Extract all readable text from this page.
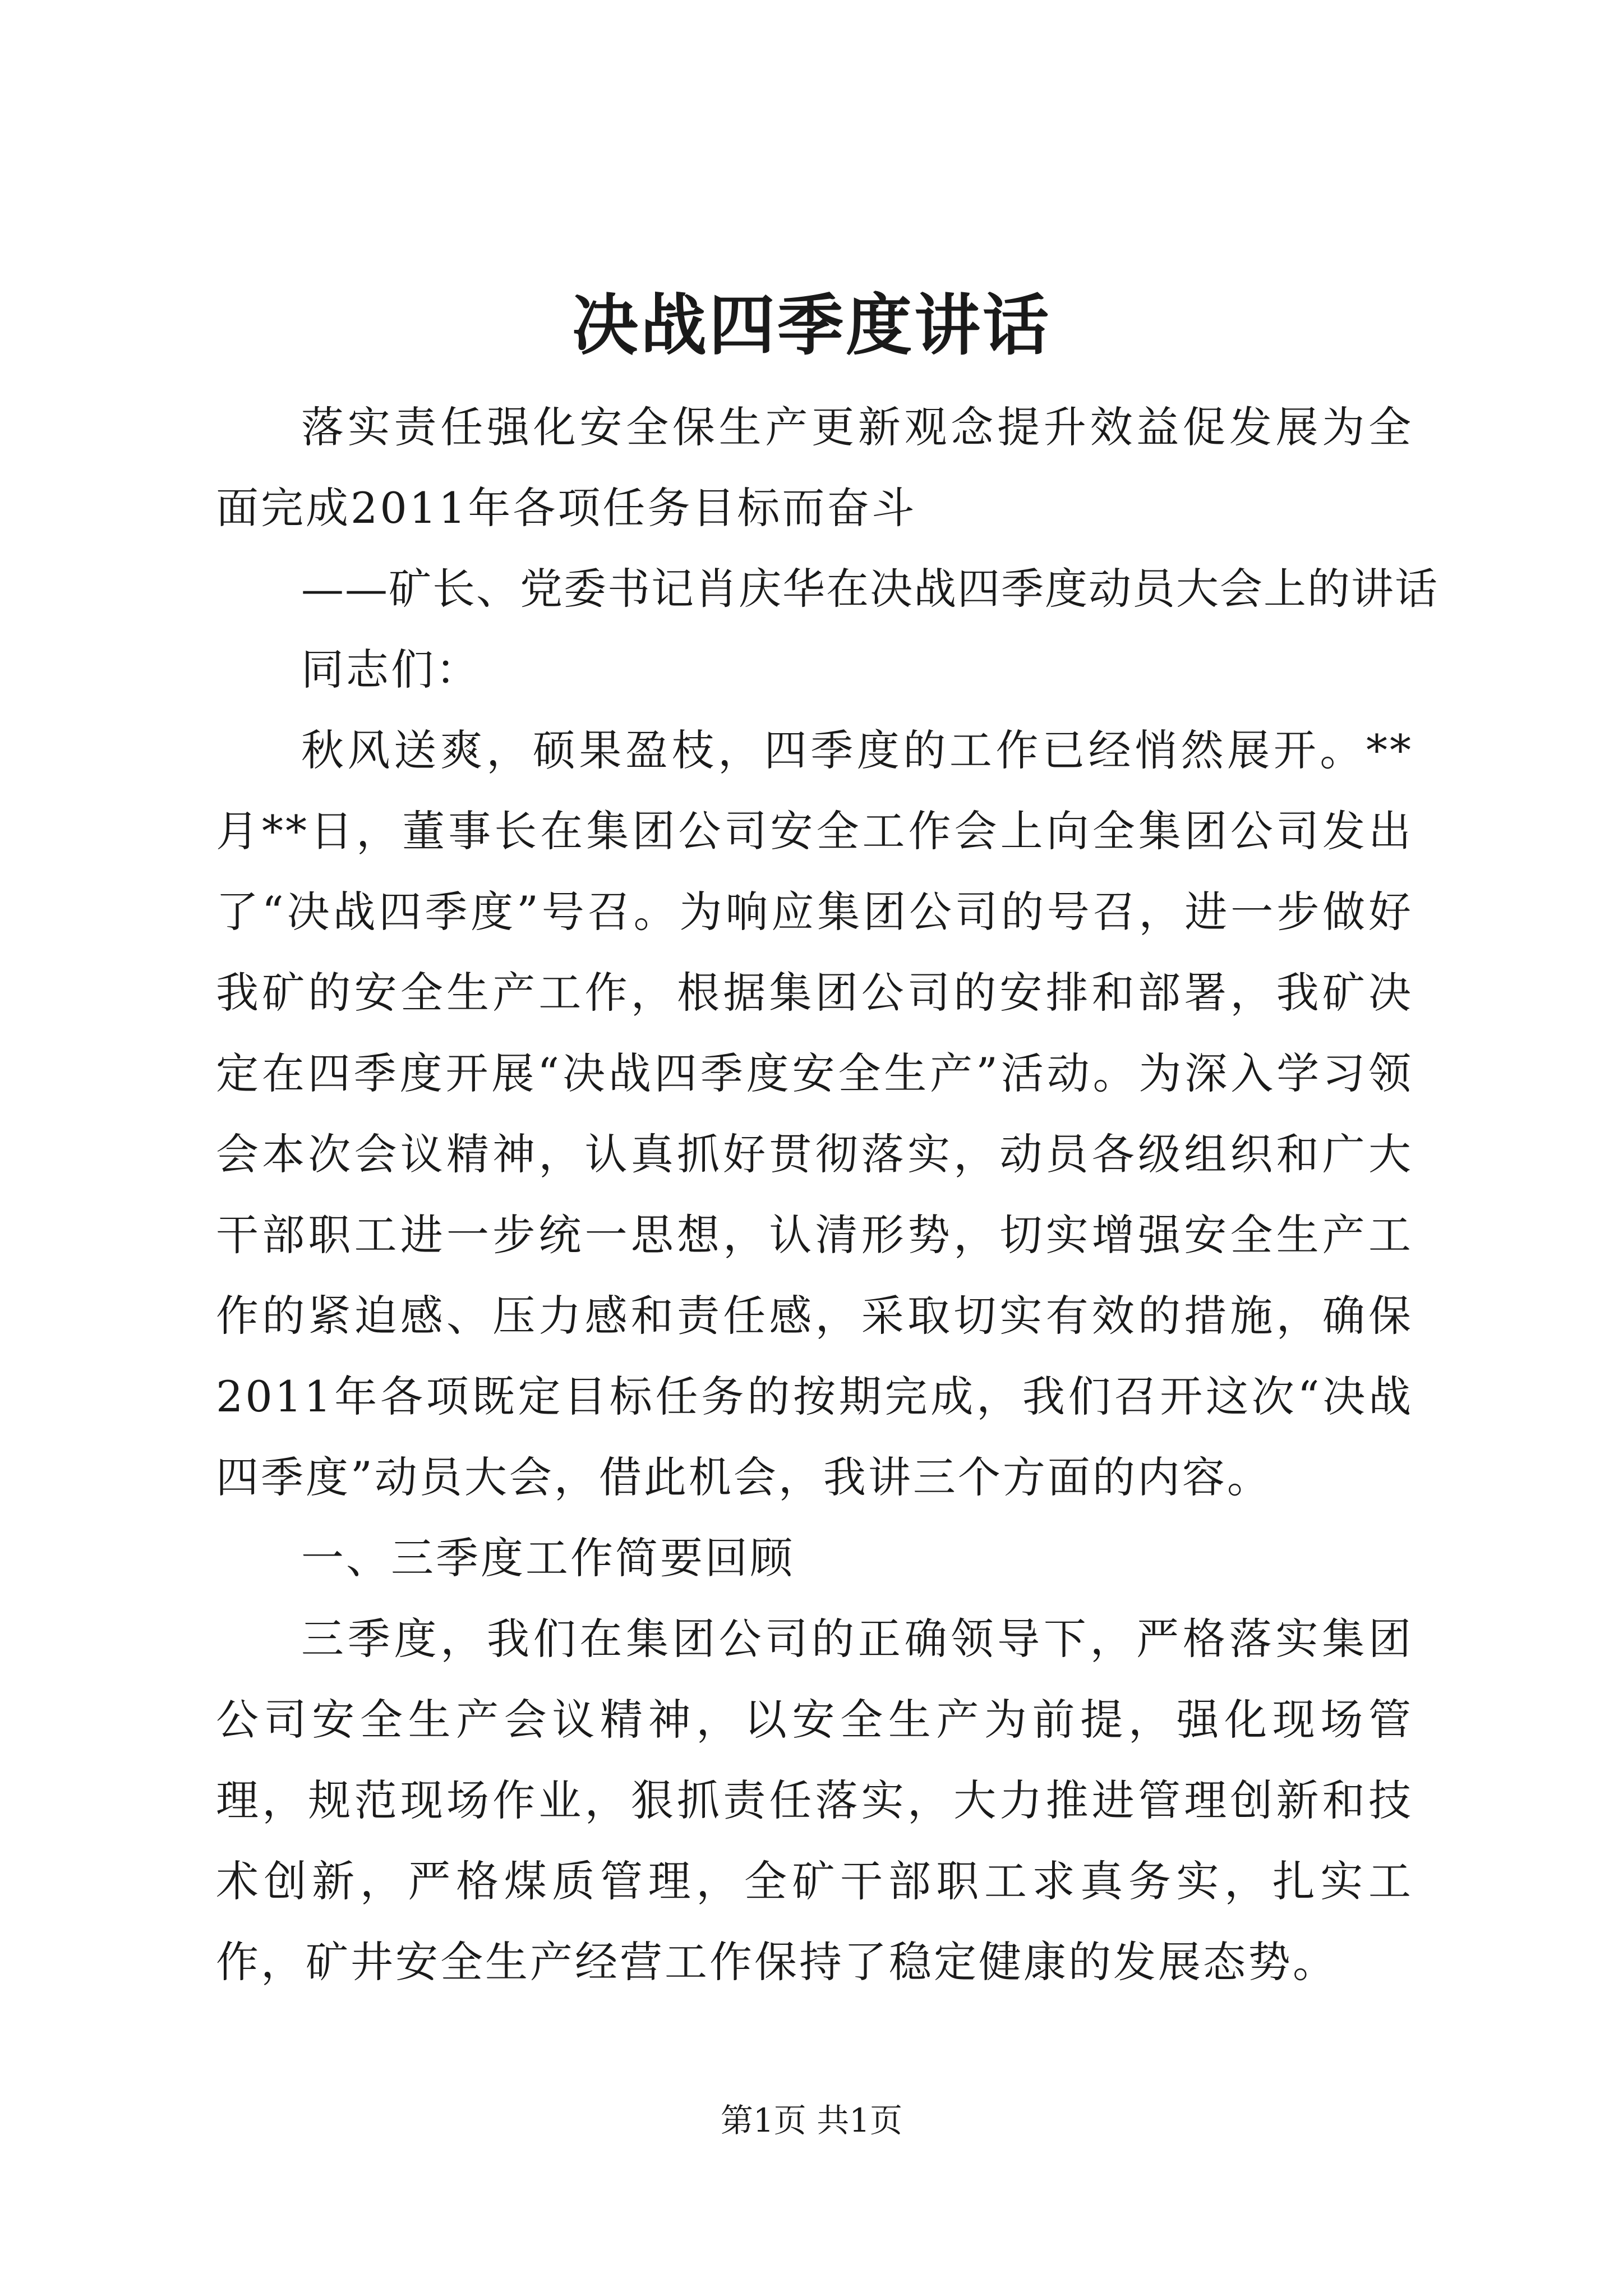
决战四季度讲话

落实责任强化安全保生产更新观念提升效益促发展为全面完成2011年各项任务目标而奋斗

——矿长、党委书记肖庆华在决战四季度动员大会上的讲话

同志们：

秋风送爽，硕果盈枝，四季度的工作已经悄然展开。**月**日，董事长在集团公司安全工作会上向全集团公司发出了“决战四季度”号召。为响应集团公司的号召，进一步做好我矿的安全生产工作，根据集团公司的安排和部署，我矿决定在四季度开展“决战四季度安全生产”活动。为深入学习领会本次会议精神，认真抓好贯彻落实，动员各级组织和广大干部职工进一步统一思想，认清形势，切实增强安全生产工作的紧迫感、压力感和责任感，采取切实有效的措施，确保2011年各项既定目标任务的按期完成，我们召开这次“决战四季度”动员大会，借此机会，我讲三个方面的内容。

一、三季度工作简要回顾

三季度，我们在集团公司的正确领导下，严格落实集团公司安全生产会议精神，以安全生产为前提，强化现场管理，规范现场作业，狠抓责任落实，大力推进管理创新和技术创新，严格煤质管理，全矿干部职工求真务实，扎实工作，矿井安全生产经营工作保持了稳定健康的发展态势。

第1页 共1页
